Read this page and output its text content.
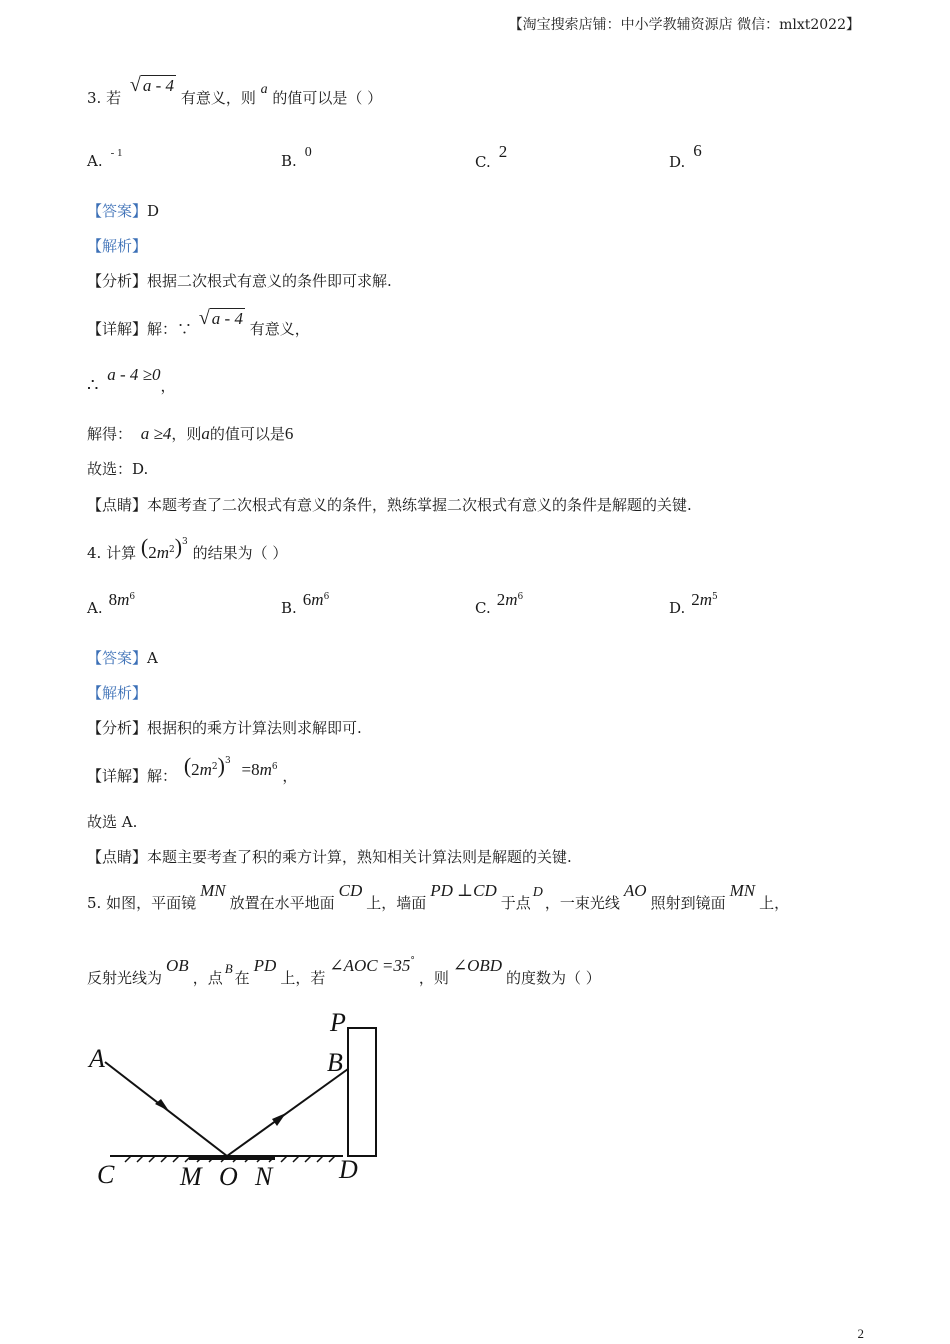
【淘宝搜索店铺：中小学教辅资源店 微信：mlxt2022】
3. 若 √ a - 4 有意义，则 a 的值可以是（ ）
A. $^{- 1}$	B. 0
C.2
D.6
【答案】D
【解析】
【分析】根据二次根式有意义的条件即可求解.
【详解】解：∵ √ a - 4 有意义，
∴ a - 4 ≥0，
解得： a ≥4，则a的值可以是6
故选：D.
【点睛】本题考查了二次根式有意义的条件，熟练掌握二次根式有意义的条件是解题的关键.
4. 计算 $(2m^2)^3$ 的结果为（ ）
A. $8m^6$
B. $6m^6$
C. $2m^6$
D. $2m^5$
【答案】A
【解析】
【分析】根据积的乘方计算法则求解即可.
【详解】解： $(2m^2)^3 =8m^6$ ，
故选 A.
【点睛】本题主要考查了积的乘方计算，熟知相关计算法则是解题的关键.
5. 如图，平面镜MN放置在水平地面CD上，墙面PD ⊥CD于点D，一束光线AO照射到镜面MN上，
反射光线为OB，点B在PD上，若∠AOC =35°，则∠OBD的度数为（ ）
A	B
C	D
M O N
P
2
